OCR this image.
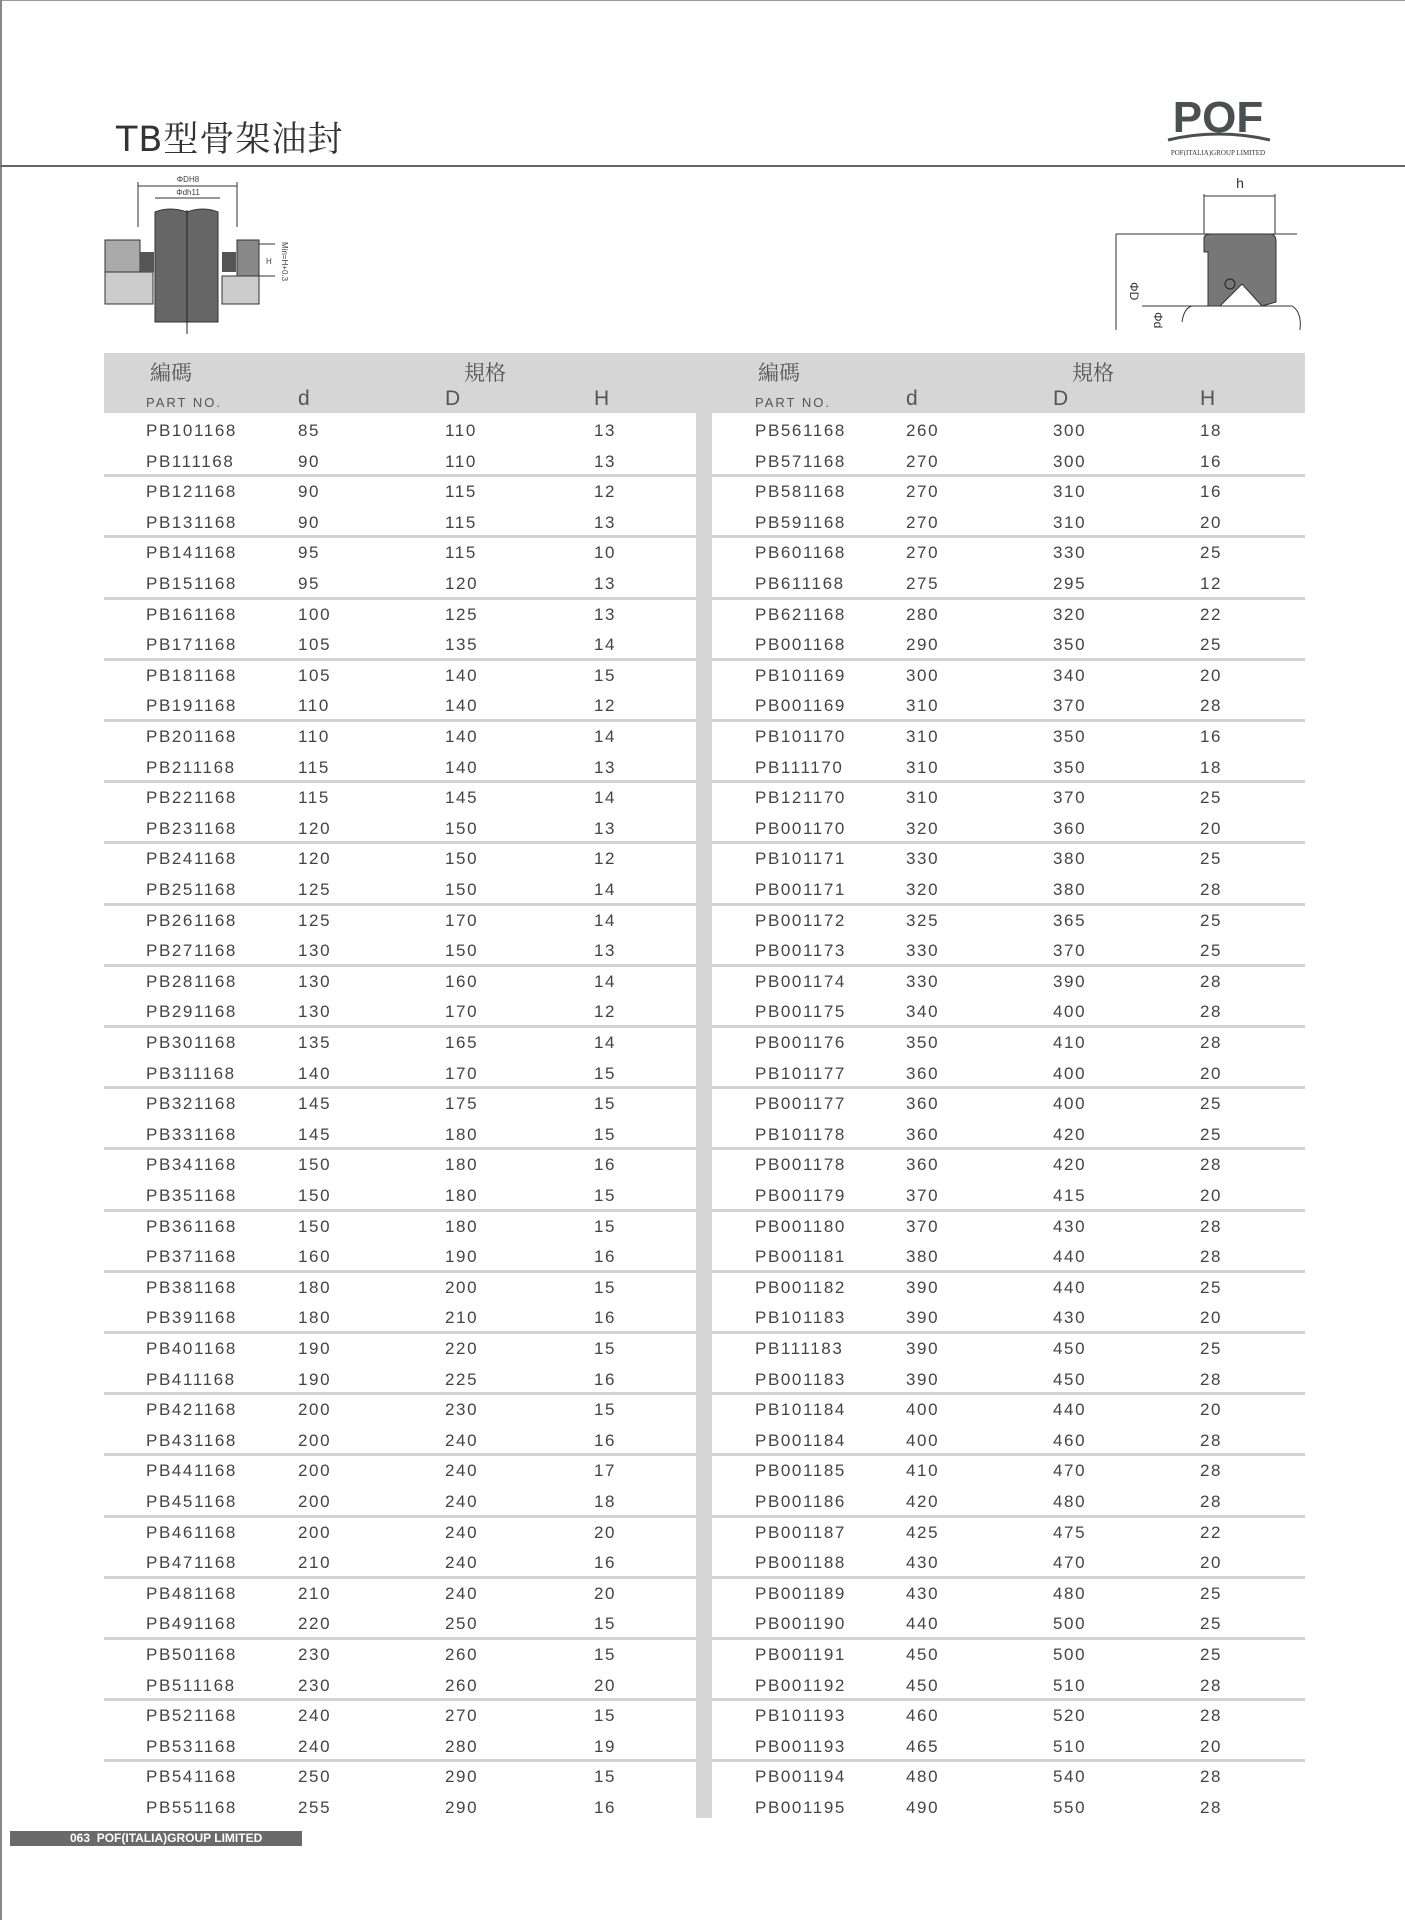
TB型骨架油封	POF
POF(ITALIA)GROUP LIMITED
ΦDH8
Φdh11
H Min=H+0.3
h
ΦD
Φd
編碼	規格
PART NO.	d	D	H
編碼	規格
PART NO.	d	D	H
PB101168	85	110	13
PB111168	90	110	13
PB121168	90	115	12
PB131168	90	115	13
PB141168	95	115	10
PB151168	95	120	13
PB161168	100	125	13
PB171168	105	135	14
PB181168	105	140	15
PB191168	110	140	12
PB201168	110	140	14
PB211168	115	140	13
PB221168	115	145	14
PB231168	120	150	13
PB241168	120	150	12
PB251168	125	150	14
PB261168	125	170	14
PB271168	130	150	13
PB281168	130	160	14
PB291168	130	170	12
PB301168	135	165	14
PB311168	140	170	15
PB321168	145	175	15
PB331168	145	180	15
PB341168	150	180	16
PB351168	150	180	15
PB361168	150	180	15
PB371168	160	190	16
PB381168	180	200	15
PB391168	180	210	16
PB401168	190	220	15
PB411168	190	225	16
PB421168	200	230	15
PB431168	200	240	16
PB441168	200	240	17
PB451168	200	240	18
PB461168	200	240	20
PB471168	210	240	16
PB481168	210	240	20
PB491168	220	250	15
PB501168	230	260	15
PB511168	230	260	20
PB521168	240	270	15
PB531168	240	280	19
PB541168	250	290	15
PB551168	255	290	16
PB561168	260	300	18
PB571168	270	300	16
PB581168	270	310	16
PB591168	270	310	20
PB601168	270	330	25
PB611168	275	295	12
PB621168	280	320	22
PB001168	290	350	25
PB101169	300	340	20
PB001169	310	370	28
PB101170	310	350	16
PB111170	310	350	18
PB121170	310	370	25
PB001170	320	360	20
PB101171	330	380	25
PB001171	320	380	28
PB001172	325	365	25
PB001173	330	370	25
PB001174	330	390	28
PB001175	340	400	28
PB001176	350	410	28
PB101177	360	400	20
PB001177	360	400	25
PB101178	360	420	25
PB001178	360	420	28
PB001179	370	415	20
PB001180	370	430	28
PB001181	380	440	28
PB001182	390	440	25
PB101183	390	430	20
PB111183	390	450	25
PB001183	390	450	28
PB101184	400	440	20
PB001184	400	460	28
PB001185	410	470	28
PB001186	420	480	28
PB001187	425	475	22
PB001188	430	470	20
PB001189	430	480	25
PB001190	440	500	25
PB001191	450	500	25
PB001192	450	510	28
PB101193	460	520	28
PB001193	465	510	20
PB001194	480	540	28
PB001195	490	550	28
063 POF(ITALIA)GROUP LIMITED
